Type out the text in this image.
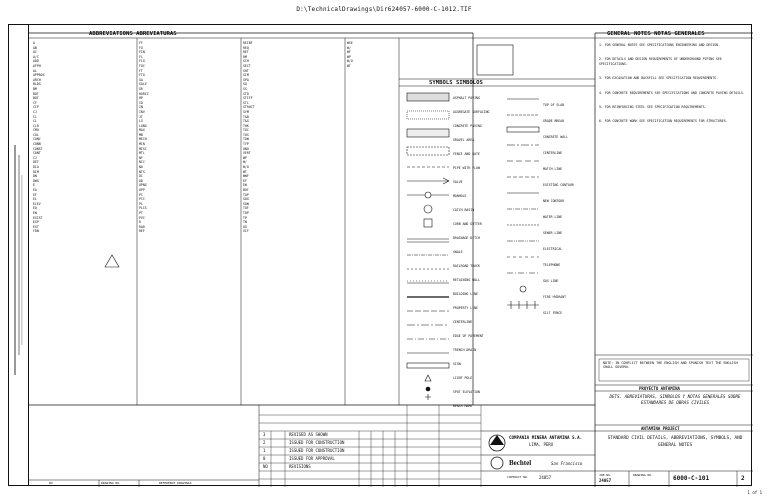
D:\TechnicalDrawings\Dir624057-6000-C-1012.TIF
ABBREVIATIONS ABREVIATURAS
SYMBOLS SIMBOLOS
GENERAL NOTES NOTAS GENERALES
A
AB
AC
A/C
ADD
AFPH
AL
APPROX
ARCH
BLDG
BM
BOT
BOT
CF
CIP
CJ
CL
CL
CLR
CMU
COL
CONC
CONN
CONST
CONT
CJ
DET
DIA
DIM
DN
DWG
E
EA
EF
EL
ELEV
EQ
EW
EXIST
EXP
EXT
FDN
FF
FG
FIN
FL
FLG
FOC
FT
FTG
GA
GALV
GR
HORIZ
HP
ID
IN
INV
JT
LG
LONG
MAX
MB
MECH
MIN
MISC
MTL
NF
NIC
NO
NTS
OC
OD
OPNG
OPP
PC
PCC
PL
PLCS
PT
PVC
R
RAD
REF
REINF
REQ
RET
RM
SCH
SECT
SHT
SIM
SPA
SQ
SS
STD
STIFF
STL
STRUCT
SYM
T&B
T&G
THK
TOC
TOS
TOW
TYP
UNO
VERT
WP
W/
W/O
WT
WWF
EF
EW
BOT
TOP
SOG
SOW
TOF
TOP
TP
TW
UG
VIF
WSE
W/
WF
WP
W/O
WT
ASPHALT PAVING
AGGREGATE SURFACING
CONCRETE PAVING
GRAVEL AREA
FENCE AND GATE
PIPE WITH FLOW
VALVE
MANHOLE
CATCH BASIN
CURB AND GUTTER
DRAINAGE DITCH
SWALE
RAILROAD TRACK
RETAINING WALL
BUILDING LINE
PROPERTY LINE
CENTERLINE
EDGE OF PAVEMENT
TRENCH DRAIN
SIGN
LIGHT POLE
SPOT ELEVATION
BENCH MARK
TOP OF SLAB
GRADE BREAK
CONCRETE WALL
CENTERLINE
MATCH LINE
EXISTING CONTOUR
NEW CONTOUR
WATER LINE
SEWER LINE
ELECTRICAL
TELEPHONE
GAS LINE
FIRE HYDRANT
SILT FENCE
1. FOR GENERAL NOTES SEE SPECIFICATIONS ENGINEERING AND DESIGN.
2. FOR DETAILS AND DESIGN REQUIREMENTS OF UNDERGROUND PIPING SEE SPECIFICATIONS.
3. FOR EXCAVATION AND BACKFILL SEE SPECIFICATION REQUIREMENTS.
4. FOR CONCRETE REQUIREMENTS SEE SPECIFICATIONS AND CONCRETE PAVING DETAILS.
5. FOR REINFORCING STEEL SEE SPECIFICATION REQUIREMENTS.
6. FOR CONCRETE WORK SEE SPECIFICATION REQUIREMENTS FOR STRUCTURES.
NOTE: IN CONFLICT BETWEEN THE ENGLISH AND SPANISH TEXT THE ENGLISH SHALL GOVERN.
PROYECTO ANTAMINA
DETS. ABREVIATURAS, SIMBOLOS Y NOTAS GENERALES SOBRE ESTANDARES DE OBRAS CIVILES
ANTAMINA PROJECT
STANDARD CIVIL DETAILS, ABBREVIATIONS, SYMBOLS, AND GENERAL NOTES
JOB NO.
24057
DRAWING NO.	6000-C-101	2
COMPANIA MINERA ANTAMINA S.A.
LIMA, PERU
Bechtel	San Francisco
CONTRACT NO.	24057
3	REVISED AS SHOWN
2	ISSUED FOR CONSTRUCTION
1	ISSUED FOR CONSTRUCTION
0	ISSUED FOR APPROVAL
NO	REVISIONS
NO	DRAWING NO.	REFERENCE DRAWINGS
1 of 1
